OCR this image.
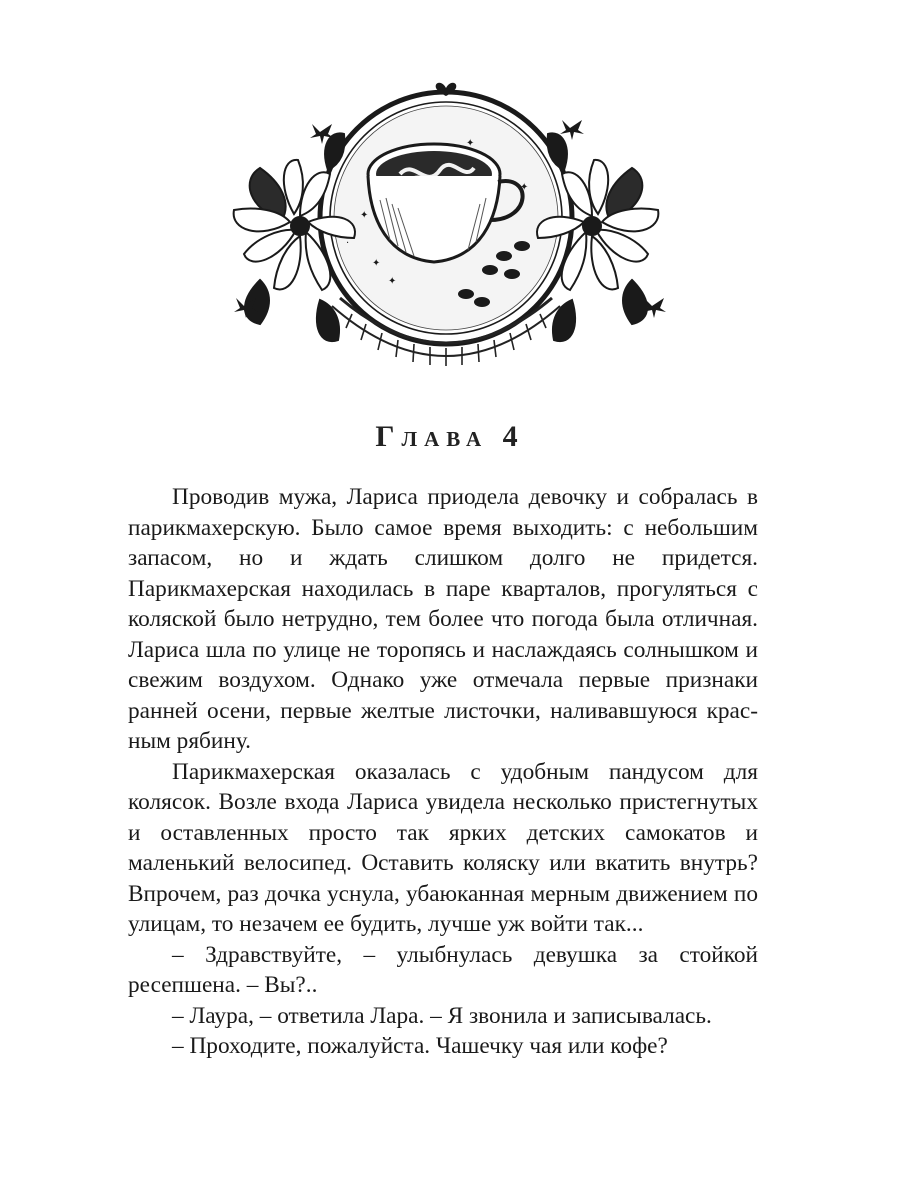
✦
✦
✦
✦
✦
·
Глава 4

Проводив мужа, Лариса приодела девочку и собралась в парикмахерскую. Было самое время выходить: с небольшим запасом, но и ждать слишком долго не придется. Парикмахерская находилась в паре кварталов, прогуляться с коляской было нетрудно, тем более что погода была отличная. Лариса шла по улице не торопясь и наслаждаясь солнышком и свежим воздухом. Однако уже отмечала первые признаки ранней осени, первые желтые листочки, наливавшуюся красным рябину.

Парикмахерская оказалась с удобным пандусом для колясок. Возле входа Лариса увидела несколько пристегнутых и оставленных просто так ярких детских самокатов и маленький велосипед. Оставить коляску или вкатить внутрь? Впрочем, раз дочка уснула, убаюканная мерным движением по улицам, то незачем ее будить, лучше уж войти так...

– Здравствуйте, – улыбнулась девушка за стойкой ресепшена. – Вы?..

– Лаура, – ответила Лара. – Я звонила и записывалась.

– Проходите, пожалуйста. Чашечку чая или кофе?
